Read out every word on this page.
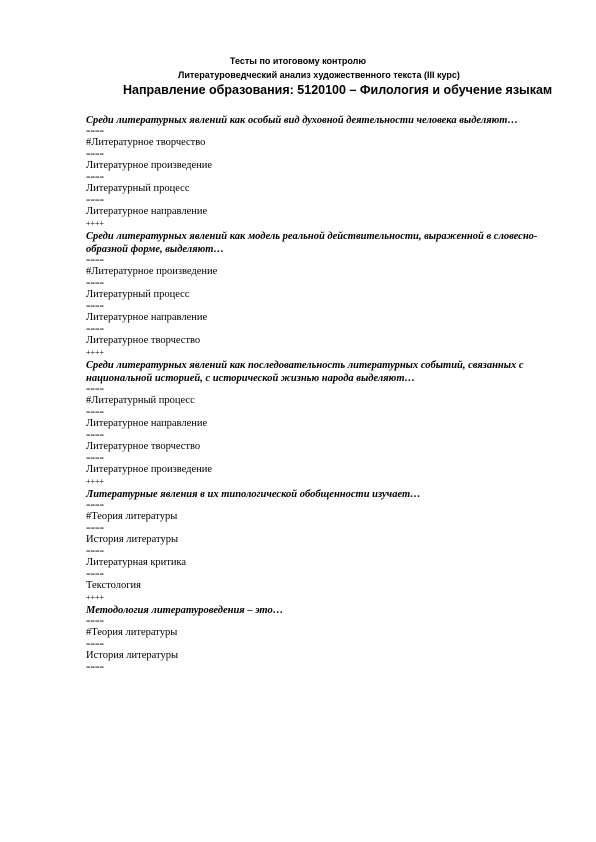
Тесты по итоговому контролю
Литературоведческий анализ художественного текста (III курс)
Направление образования: 5120100 – Филология и обучение языкам
Среди литературных явлений как особый вид духовной деятельности человека выделяют…
====
#Литературное творчество
====
Литературное произведение
====
Литературный процесс
====
Литературное направление
++++
Среди литературных явлений как модель реальной действительности, выраженной в словесно-образной форме, выделяют…
====
#Литературное произведение
====
Литературный процесс
====
Литературное направление
====
Литературное творчество
++++
Среди литературных явлений как последовательность литературных событий, связанных с национальной историей, с исторической жизнью народа выделяют…
====
#Литературный процесс
====
Литературное направление
====
Литературное творчество
====
Литературное произведение
++++
Литературные явления в их типологической обобщенности изучает…
====
#Теория литературы
====
История литературы
====
Литературная критика
====
Текстология
++++
Методология литературоведения – это…
====
#Теория литературы
====
История литературы
====
